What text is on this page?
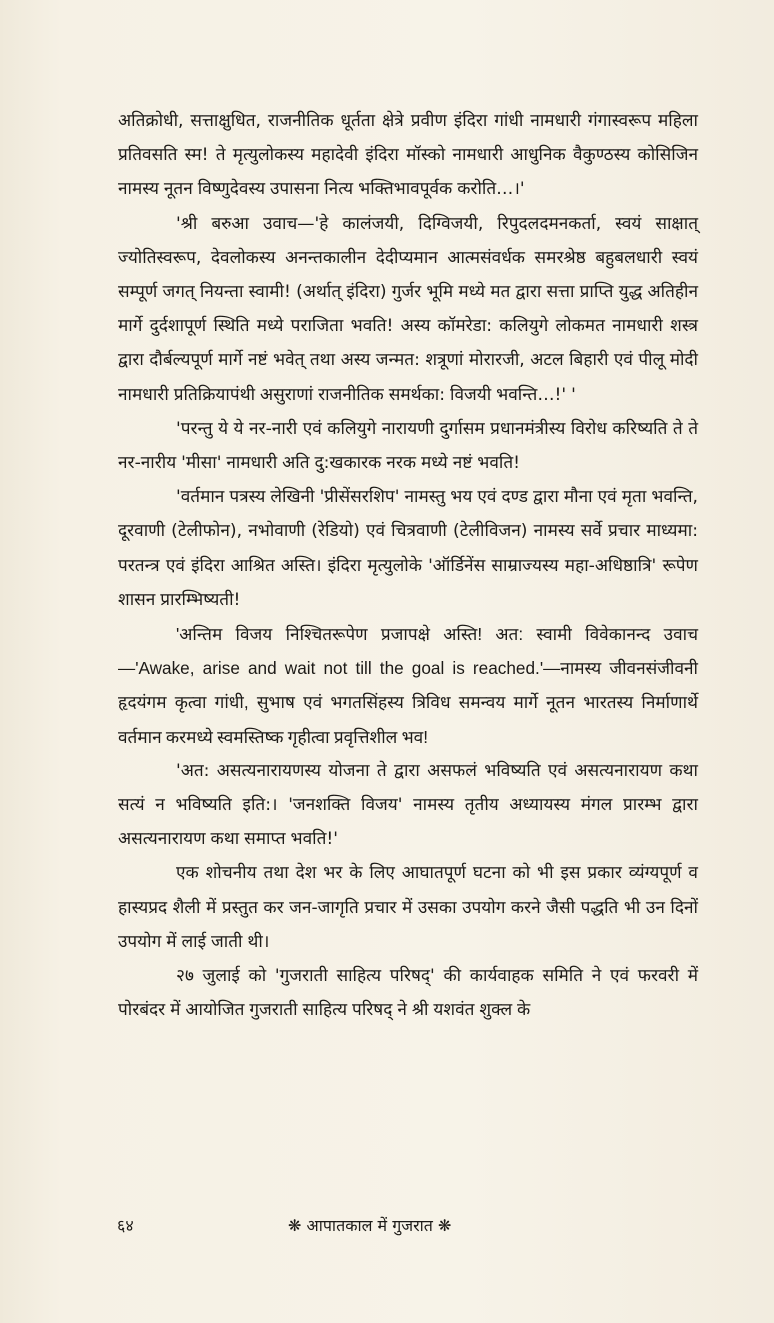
अतिक्रोधी, सत्ताक्षुधित, राजनीतिक धूर्तता क्षेत्रे प्रवीण इंदिरा गांधी नामधारी गंगास्वरूप महिला प्रतिवसति स्म! ते मृत्युलोकस्य महादेवी इंदिरा मॉस्को नामधारी आधुनिक वैकुण्ठस्य कोसिजिन नामस्य नूतन विष्णुदेवस्य उपासना नित्य भक्तिभावपूर्वक करोति…।'

'श्री बरुआ उवाच—'हे कालंजयी, दिग्विजयी, रिपुदलदमनकर्ता, स्वयं साक्षात् ज्योतिस्वरूप, देवलोकस्य अनन्तकालीन देदीप्यमान आत्मसंवर्धक समरश्रेष्ठ बहुबलधारी स्वयं सम्पूर्ण जगत् नियन्ता स्वामी! (अर्थात् इंदिरा) गुर्जर भूमि मध्ये मत द्वारा सत्ता प्राप्ति युद्ध अतिहीन मार्गे दुर्दशापूर्ण स्थिति मध्ये पराजिता भवति! अस्य कॉमरेडा: कलियुगे लोकमत नामधारी शस्त्र द्वारा दौर्बल्यपूर्ण मार्गे नष्टं भवेत् तथा अस्य जन्मत: शत्रूणां मोरारजी, अटल बिहारी एवं पीलू मोदी नामधारी प्रतिक्रियापंथी असुराणां राजनीतिक समर्थका: विजयी भवन्ति…!' '

'परन्तु ये ये नर-नारी एवं कलियुगे नारायणी दुर्गासम प्रधानमंत्रीस्य विरोध करिष्यति ते ते नर-नारीय 'मीसा' नामधारी अति दु:खकारक नरक मध्ये नष्टं भवति!

'वर्तमान पत्रस्य लेखिनी 'प्रीसेंसरशिप' नामस्तु भय एवं दण्ड द्वारा मौना एवं मृता भवन्ति, दूरवाणी (टेलीफोन), नभोवाणी (रेडियो) एवं चित्रवाणी (टेलीविजन) नामस्य सर्वे प्रचार माध्यमा: परतन्त्र एवं इंदिरा आश्रित अस्ति। इंदिरा मृत्युलोके 'ऑर्डिनेंस साम्राज्यस्य महा-अधिष्ठात्रि' रूपेण शासन प्रारम्भिष्यती!

'अन्तिम विजय निश्चितरूपेण प्रजापक्षे अस्ति! अत: स्वामी विवेकानन्द उवाच—'Awake, arise and wait not till the goal is reached.'—नामस्य जीवनसंजीवनी हृदयंगम कृत्वा गांधी, सुभाष एवं भगतसिंहस्य त्रिविध समन्वय मार्गे नूतन भारतस्य निर्माणार्थे वर्तमान करमध्ये स्वमस्तिष्क गृहीत्वा प्रवृत्तिशील भव!

'अत: असत्यनारायणस्य योजना ते द्वारा असफलं भविष्यति एवं असत्यनारायण कथा सत्यं न भविष्यति इति:। 'जनशक्ति विजय' नामस्य तृतीय अध्यायस्य मंगल प्रारम्भ द्वारा असत्यनारायण कथा समाप्त भवति!'

एक शोचनीय तथा देश भर के लिए आघातपूर्ण घटना को भी इस प्रकार व्यंग्यपूर्ण व हास्यप्रद शैली में प्रस्तुत कर जन-जागृति प्रचार में उसका उपयोग करने जैसी पद्धति भी उन दिनों उपयोग में लाई जाती थी।

२७ जुलाई को 'गुजराती साहित्य परिषद्' की कार्यवाहक समिति ने एवं फरवरी में पोरबंदर में आयोजित गुजराती साहित्य परिषद् ने श्री यशवंत शुक्ल के

६४	❋ आपातकाल में गुजरात ❋
